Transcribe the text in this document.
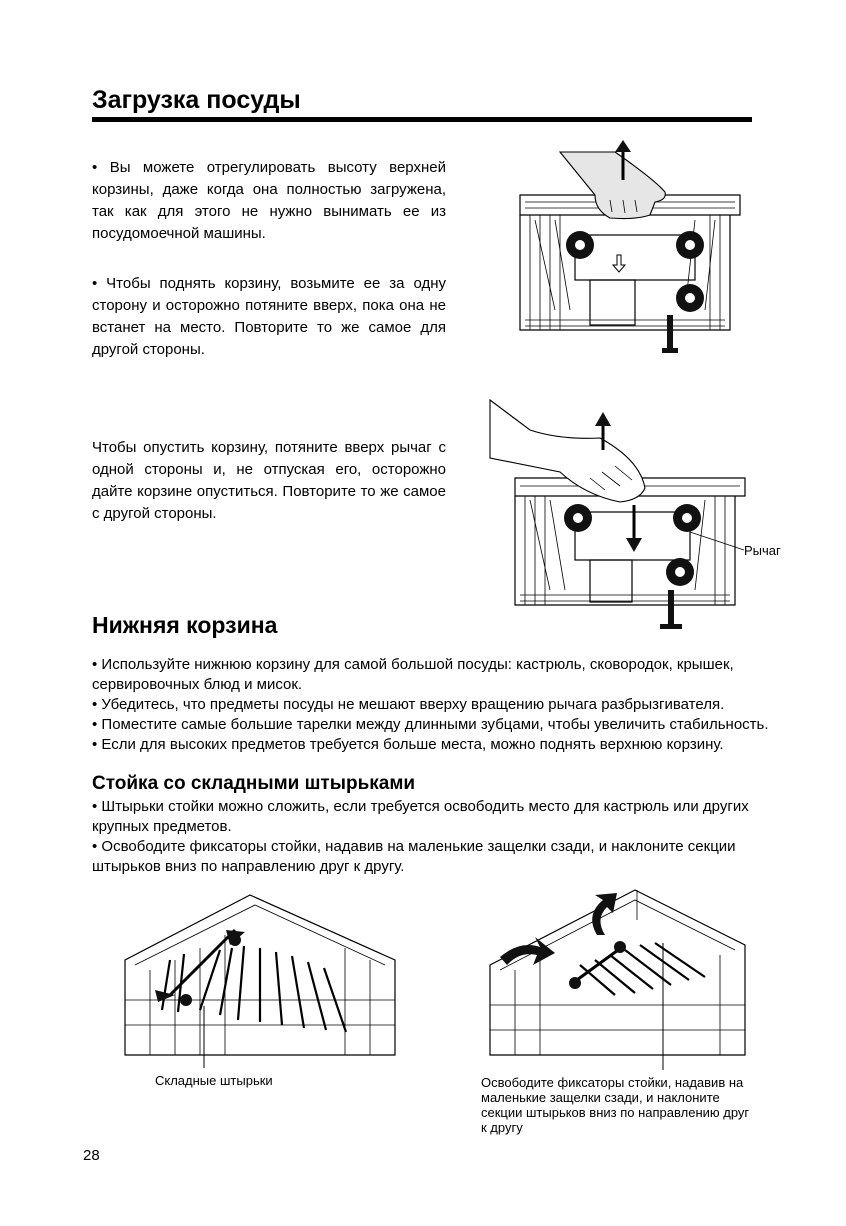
Загрузка посуды

• Вы можете отрегулировать высоту верхней корзины, даже когда она полностью загружена, так как для этого не нужно вынимать ее из посудомоечной машины.

• Чтобы поднять корзину, возьмите ее за одну сторону и осторожно потяните вверх, пока она не встанет на место. Повторите то же самое для другой стороны.

Чтобы опустить корзину, потяните вверх рычаг с одной стороны и, не отпуская его, осторожно дайте корзине опуститься. Повторите то же самое с другой стороны.

Рычаг
Нижняя корзина

• Используйте нижнюю корзину для самой большой посуды: кастрюль, сковородок, крышек, сервировочных блюд и мисок.

• Убедитесь, что предметы посуды не мешают вверху вращению рычага разбрызгивателя.

• Поместите самые большие тарелки между длинными зубцами, чтобы увеличить стабильность.

• Если для высоких предметов требуется больше места, можно поднять верхнюю корзину.

Стойка со складными штырьками

• Штырьки стойки можно сложить, если требуется освободить место для кастрюль или других крупных предметов.

• Освободите фиксаторы стойки, надавив на маленькие защелки сзади, и наклоните секции штырьков вниз по направлению друг к другу.

Складные штырьки	Освободите фиксаторы стойки, надавив на маленькие защелки сзади, и наклоните секции штырьков вниз по направлению друг к другу
28
